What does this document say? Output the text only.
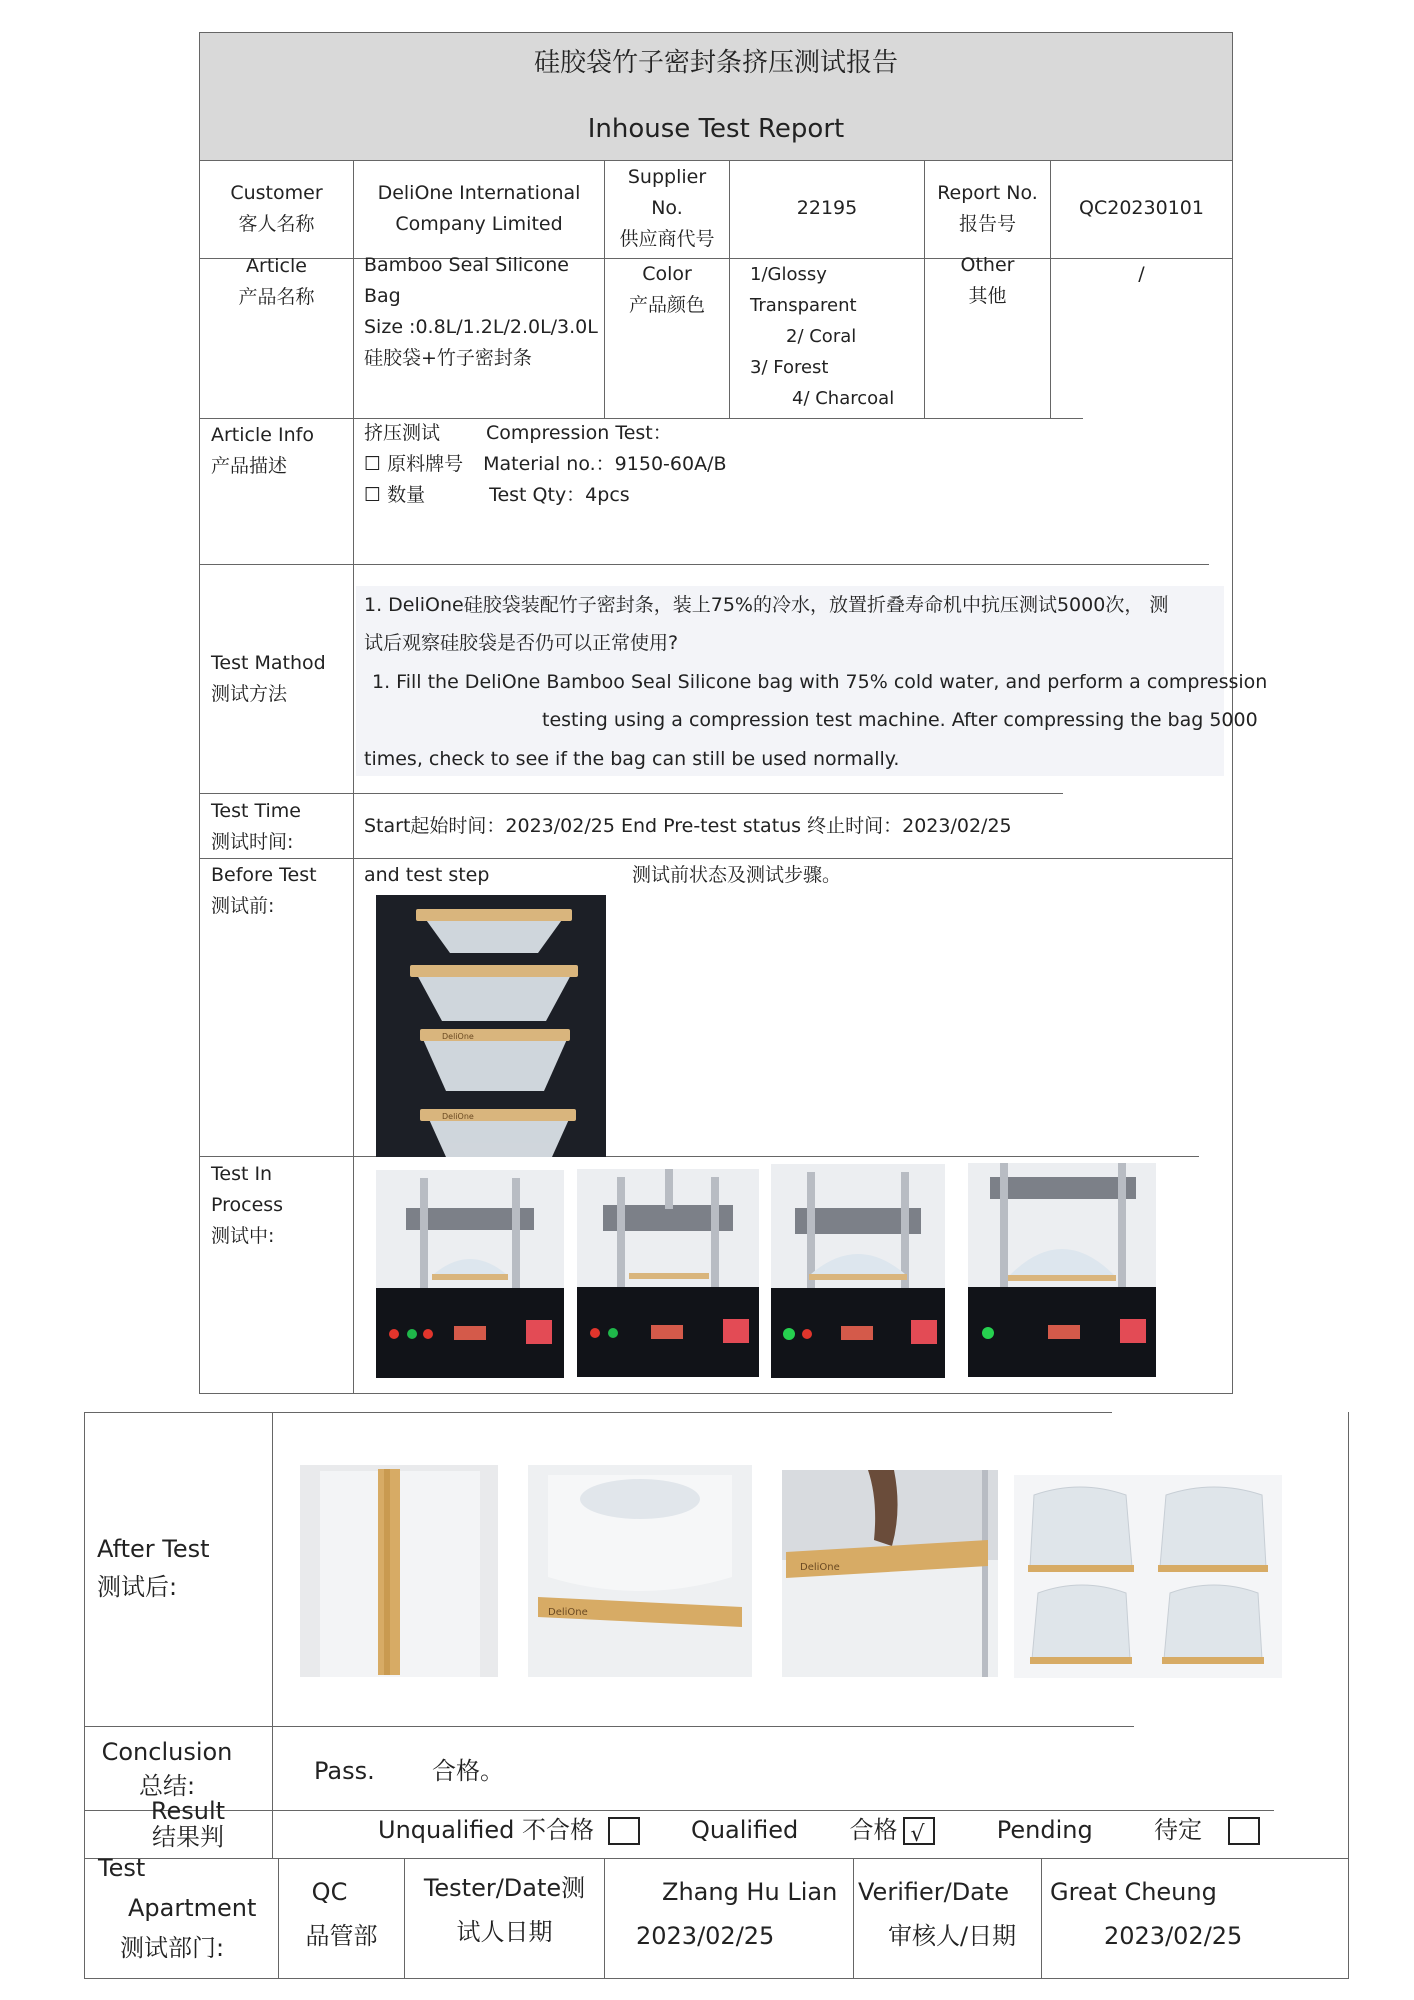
硅胶袋竹子密封条挤压测试报告
Inhouse Test Report
Customer
客人名称
DeliOne International
Company Limited
Supplier
No.
供应商代号
22195
Report No.
报告号
QC20230101
Article
产品名称
Bamboo Seal Silicone
Bag
Size :0.8L/1.2L/2.0L/3.0L
硅胶袋+竹子密封条
Color
产品颜色
1/Glossy
Transparent
2/ Coral
3/ Forest
4/ Charcoal
Other
其他
/
Article Info
产品描述
挤压测试 Compression Test：
☐ 原料牌号 Material no.：9150-60A/B
☐ 数量	Test Qty：4pcs
Test Mathod
测试方法
1. DeliOne硅胶袋装配竹子密封条，装上75%的冷水，放置折叠寿命机中抗压测试5000次， 测
试后观察硅胶袋是否仍可以正常使用?
1. Fill the DeliOne Bamboo Seal Silicone bag with 75% cold water, and perform a compression
testing using a compression test machine. After compressing the bag 5000
times, check to see if the bag can still be used normally.
Test Time
测试时间:
Start起始时间：2023/02/25 End Pre-test status 终止时间：2023/02/25
Before Test
测试前:
and test step	测试前状态及测试步骤。
DeliOne
DeliOne
Test In
Process
测试中:
After Test
测试后:
DeliOne
DeliOne
Conclusion
总结:
Pass. 合格。
Result
结果判	Unqualified 不合格	Qualified 合格√	Pending	待定
Test
Apartment
测试部门:
QC
品管部
Tester/Date测
试人日期
Zhang Hu Lian
2023/02/25
Verifier/Date
审核人/日期
Great Cheung
2023/02/25
